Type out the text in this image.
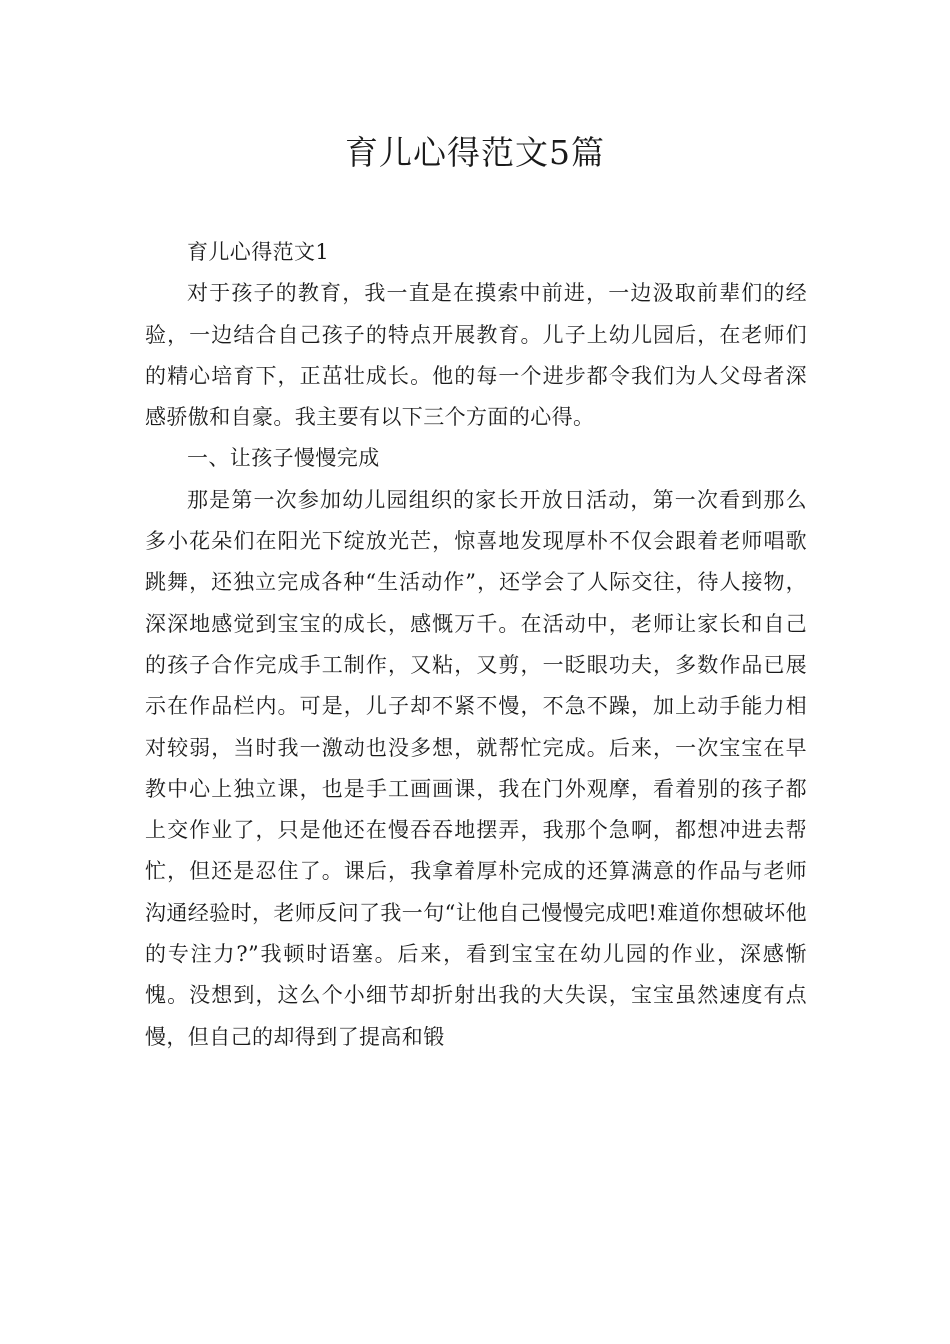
育儿心得范文5篇

育儿心得范文1

对于孩子的教育，我一直是在摸索中前进，一边汲取前辈们的经验，一边结合自己孩子的特点开展教育。儿子上幼儿园后，在老师们的精心培育下，正茁壮成长。他的每一个进步都令我们为人父母者深感骄傲和自豪。我主要有以下三个方面的心得。

一、让孩子慢慢完成

那是第一次参加幼儿园组织的家长开放日活动，第一次看到那么多小花朵们在阳光下绽放光芒，惊喜地发现厚朴不仅会跟着老师唱歌跳舞，还独立完成各种“生活动作”，还学会了人际交往，待人接物，深深地感觉到宝宝的成长，感慨万千。在活动中，老师让家长和自己的孩子合作完成手工制作，又粘，又剪，一眨眼功夫，多数作品已展示在作品栏内。可是，儿子却不紧不慢，不急不躁，加上动手能力相对较弱，当时我一激动也没多想，就帮忙完成。后来，一次宝宝在早教中心上独立课，也是手工画画课，我在门外观摩，看着别的孩子都上交作业了，只是他还在慢吞吞地摆弄，我那个急啊，都想冲进去帮忙，但还是忍住了。课后，我拿着厚朴完成的还算满意的作品与老师沟通经验时，老师反问了我一句“让他自己慢慢完成吧!难道你想破坏他的专注力?”我顿时语塞。后来，看到宝宝在幼儿园的作业，深感惭愧。没想到，这么个小细节却折射出我的大失误，宝宝虽然速度有点慢，但自己的却得到了提高和锻
